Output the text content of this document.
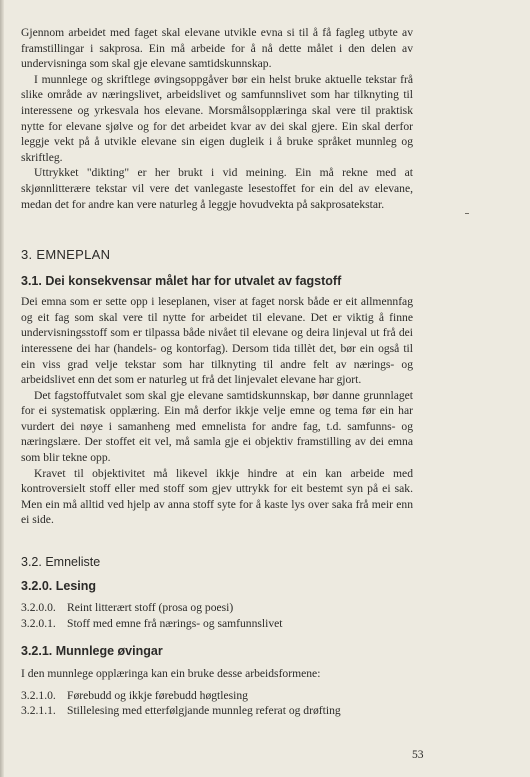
Gjennom arbeidet med faget skal elevane utvikle evna si til å få fagleg utbyte av framstillingar i sakprosa. Ein må arbeide for å nå dette målet i den delen av undervisninga som skal gje elevane samtidskunnskap.

I munnlege og skriftlege øvingsoppgåver bør ein helst bruke aktuelle tekstar frå slike område av næringslivet, arbeidslivet og samfunnslivet som har tilknyting til interessene og yrkesvala hos elevane. Morsmålsopplæringa skal vere til praktisk nytte for elevane sjølve og for det arbeidet kvar av dei skal gjere. Ein skal derfor leggje vekt på å utvikle elevane sin eigen dugleik i å bruke språket munnleg og skriftleg.

Uttrykket "dikting" er her brukt i vid meining. Ein må rekne med at skjønnlitterære tekstar vil vere det vanlegaste lesestoffet for ein del av elevane, medan det for andre kan vere naturleg å leggje hovudvekta på sakprosatekstar.

3. EMNEPLAN
3.1. Dei konsekvensar målet har for utvalet av fagstoff

Dei emna som er sette opp i leseplanen, viser at faget norsk både er eit allmennfag og eit fag som skal vere til nytte for arbeidet til elevane. Det er viktig å finne undervisningsstoff som er tilpassa både nivået til elevane og deira linjeval ut frå dei interessene dei har (handels- og kontorfag). Dersom tida tillèt det, bør ein også til ein viss grad velje tekstar som har tilknyting til andre felt av nærings- og arbeidslivet enn det som er naturleg ut frå det linjevalet elevane har gjort.

Det fagstoffutvalet som skal gje elevane samtidskunnskap, bør danne grunnlaget for ei systematisk opplæring. Ein må derfor ikkje velje emne og tema før ein har vurdert dei nøye i samanheng med emnelista for andre fag, t.d. samfunns- og næringslære. Der stoffet eit vel, må samla gje ei objektiv framstilling av dei emna som blir tekne opp.

Kravet til objektivitet må likevel ikkje hindre at ein kan arbeide med kontroversielt stoff eller med stoff som gjev uttrykk for eit bestemt syn på ei sak. Men ein må alltid ved hjelp av anna stoff syte for å kaste lys over saka frå meir enn ei side.

3.2. Emneliste
3.2.0. Lesing
3.2.0.0. Reint litterært stoff (prosa og poesi)
3.2.0.1. Stoff med emne frå nærings- og samfunnslivet
3.2.1. Munnlege øvingar

I den munnlege opplæringa kan ein bruke desse arbeidsformene:

3.2.1.0. Førebudd og ikkje førebudd høgtlesing
3.2.1.1. Stillelesing med etterfølgjande munnleg referat og drøfting
53
